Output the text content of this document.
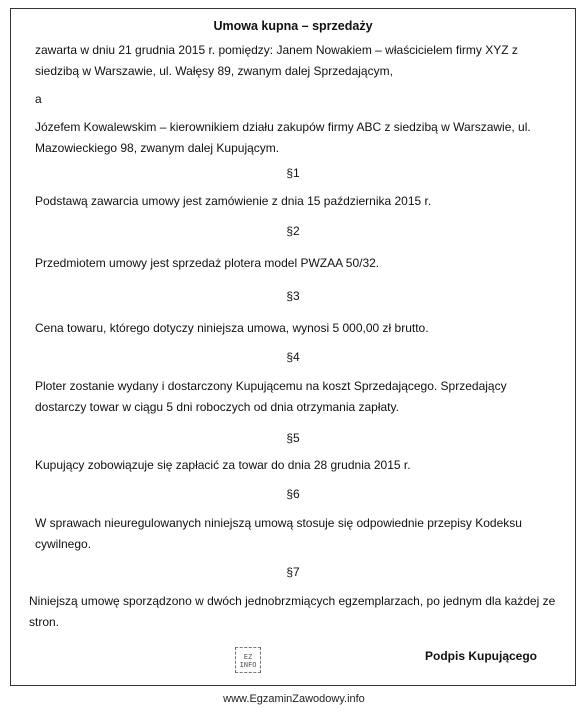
Umowa kupna – sprzedaży
zawarta w dniu 21 grudnia 2015 r. pomiędzy: Janem Nowakiem – właścicielem firmy XYZ z siedzibą w Warszawie, ul. Wałęsy 89, zwanym dalej Sprzedającym,
a
Józefem Kowalewskim – kierownikiem działu zakupów firmy ABC z siedzibą w Warszawie, ul. Mazowieckiego 98, zwanym dalej Kupującym.
§1
Podstawą zawarcia umowy jest zamówienie z dnia 15 października 2015 r.
§2
Przedmiotem umowy jest sprzedaż plotera model PWZAA 50/32.
§3
Cena towaru, którego dotyczy niniejsza umowa, wynosi 5 000,00 zł brutto.
§4
Ploter zostanie wydany i dostarczony Kupującemu na koszt Sprzedającego. Sprzedający dostarczy towar w ciągu 5 dni roboczych od dnia otrzymania zapłaty.
§5
Kupujący zobowiązuje się zapłacić za towar do dnia 28 grudnia 2015 r.
§6
W sprawach nieuregulowanych niniejszą umową stosuje się odpowiednie przepisy Kodeksu cywilnego.
§7
Niniejszą umowę sporządzono w dwóch jednobrzmiących egzemplarzach, po jednym dla każdej ze stron.
EZ INFO
Podpis Kupującego
www.EgzaminZawodowy.info
